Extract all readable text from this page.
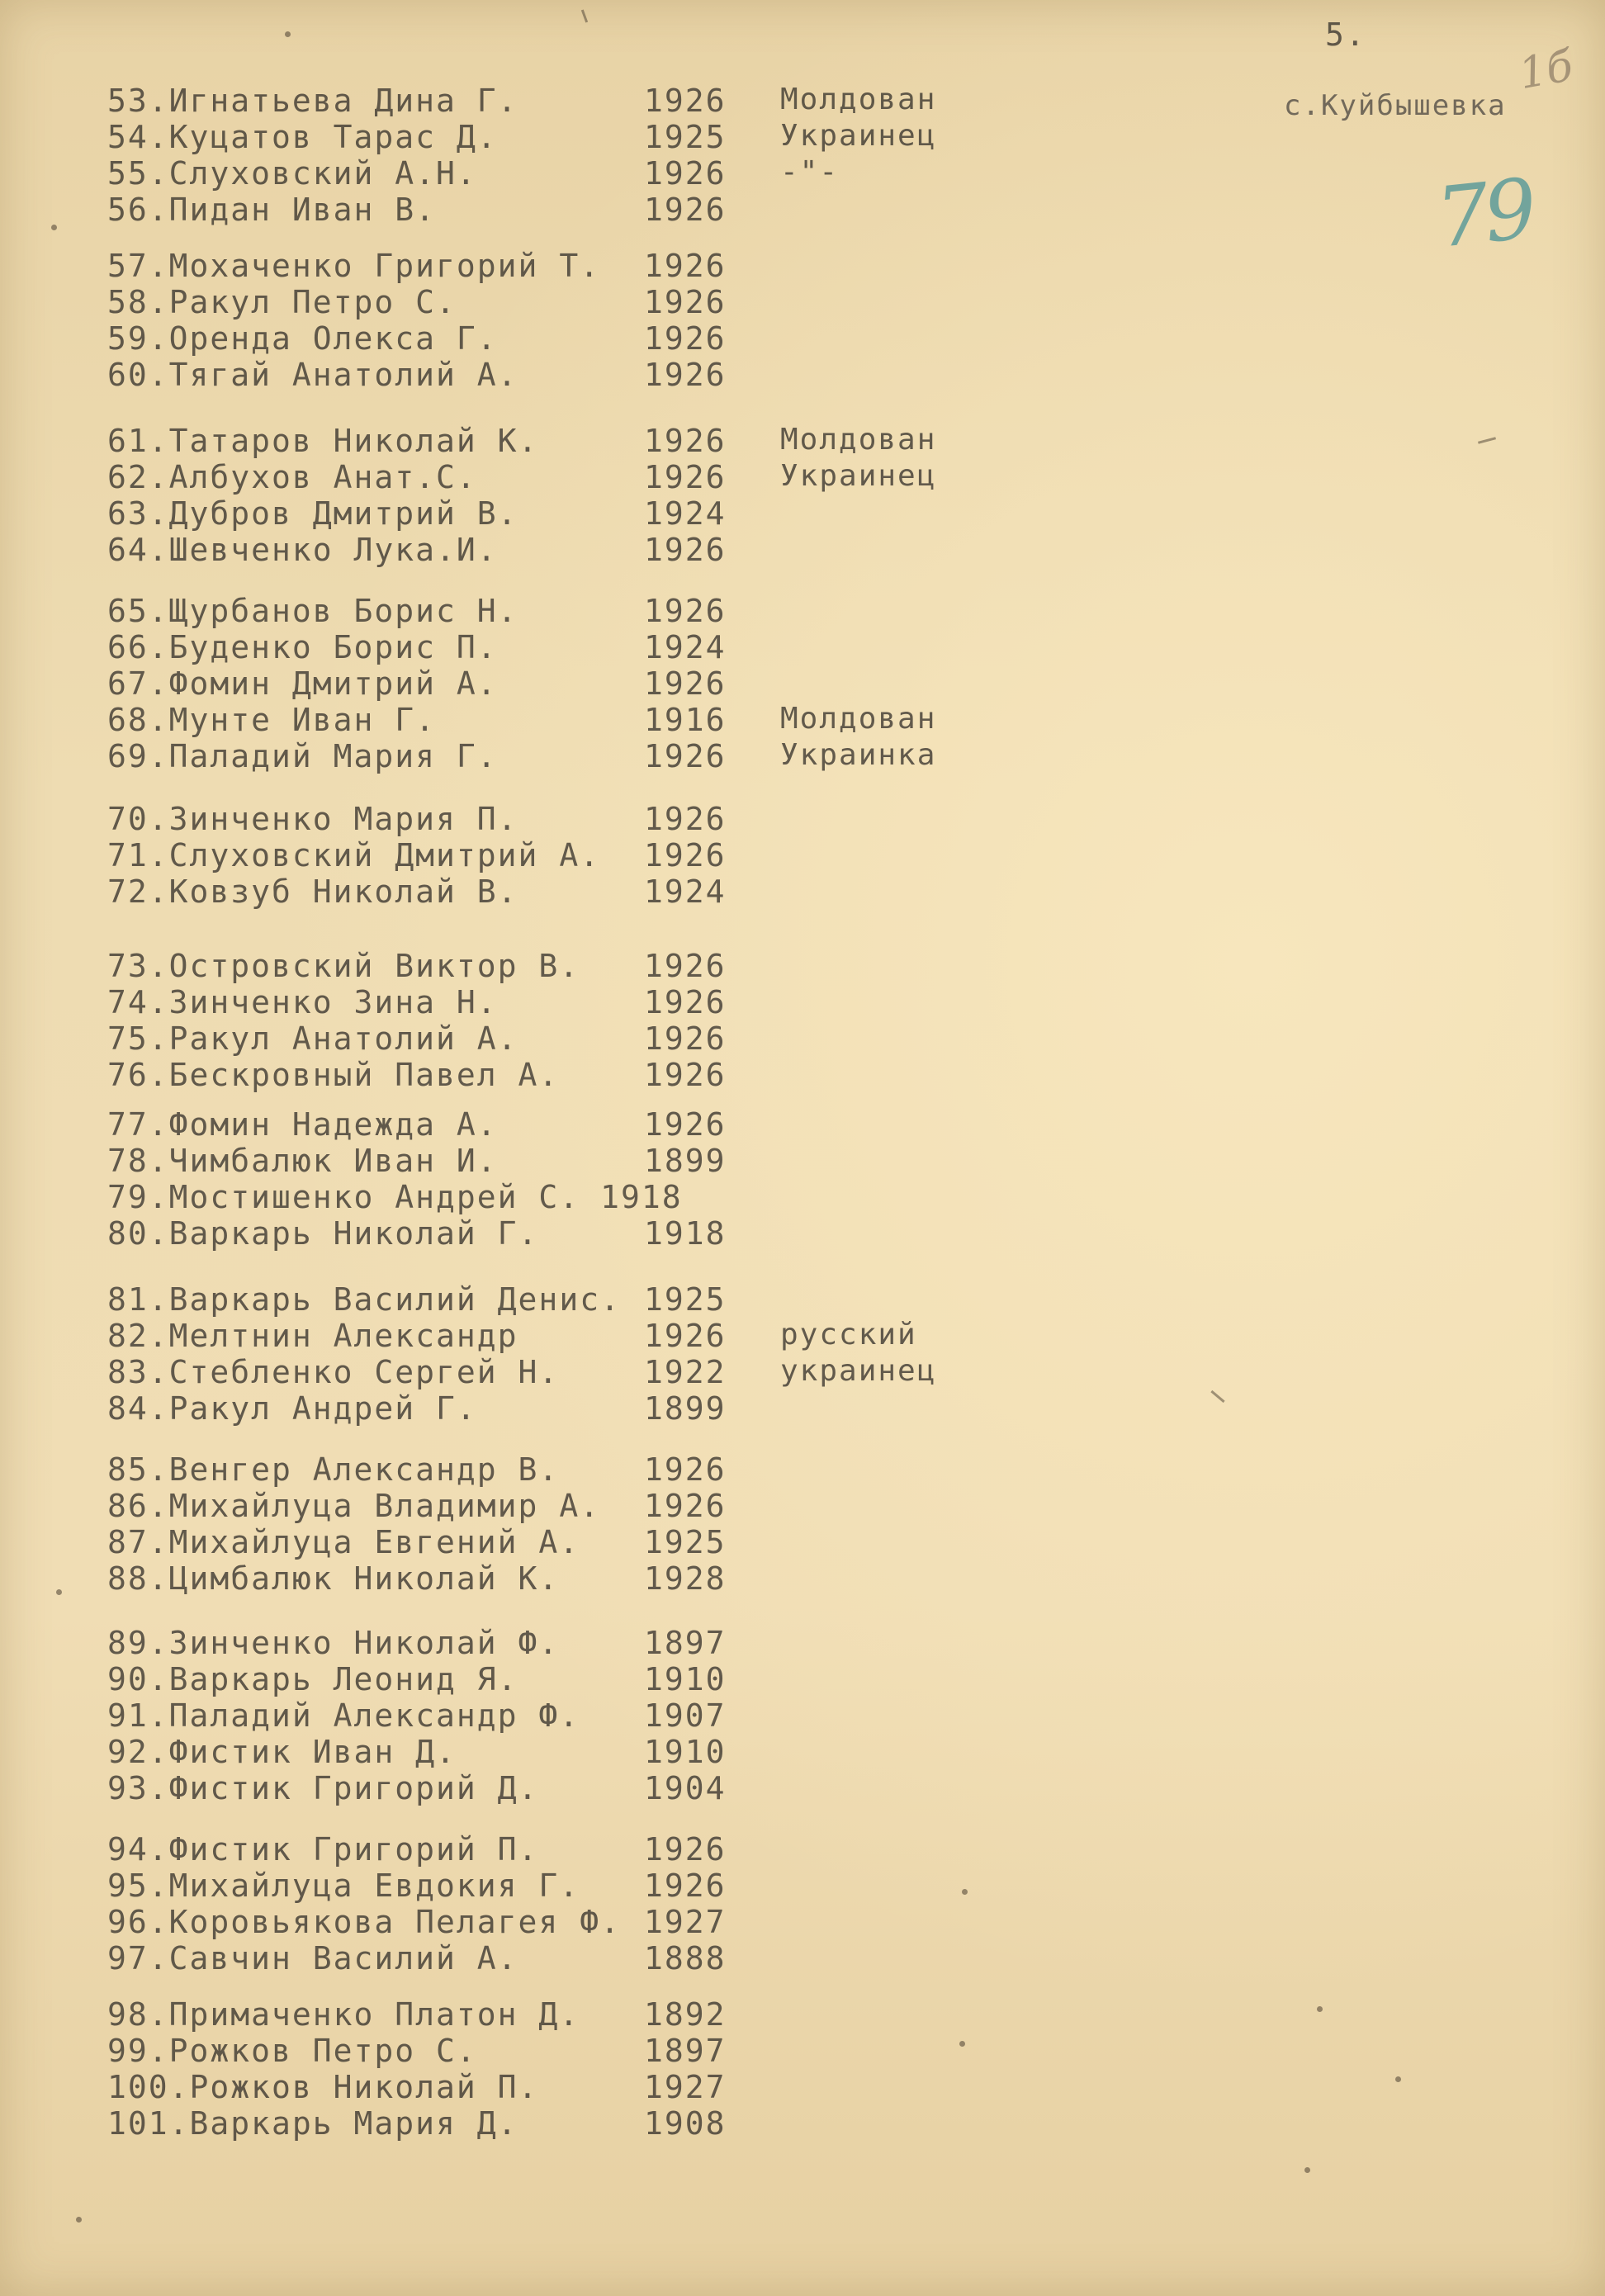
5.
1б
79
с.Куйбышевка
53.Игнатьева Дина Г.	1926 Молдован
54.Куцатов Тарас Д.	1925 Украинец
55.Слуховский А.Н.	1926 -"-
56.Пидан Иван В.	1926
57.Мохаченко Григорий Т. 1926
58.Ракул Петро С.	1926
59.Оренда Олекса Г.	1926
60.Тягай Анатолий А.	1926
61.Татаров Николай К.	1926 Молдован
62.Албухов Анат.С.	1926 Украинец
63.Дубров Дмитрий В.	1924
64.Шевченко Лука.И.	1926
65.Щурбанов Борис Н.	1926
66.Буденко Борис П.	1924
67.Фомин Дмитрий А.	1926
68.Мунте Иван Г.	1916 Молдован
69.Паладий Мария Г.	1926 Украинка
70.Зинченко Мария П.	1926
71.Слуховский Дмитрий А. 1926
72.Ковзуб Николай В.	1924
73.Островский Виктор В. 1926
74.Зинченко Зина Н.	1926
75.Ракул Анатолий А.	1926
76.Бескровный Павел А.	1926
77.Фомин Надежда А.	1926
78.Чимбалюк Иван И.	1899
79.Мостишенко Андрей С. 1918
80.Варкарь Николай Г.	1918
81.Варкарь Василий Денис. 1925
82.Мелтнин Александр	1926 русский
83.Стебленко Сергей Н.	1922 украинец
84.Ракул Андрей Г.	1899
85.Венгер Александр В.	1926
86.Михайлуца Владимир А. 1926
87.Михайлуца Евгений А. 1925
88.Цимбалюк Николай К.	1928
89.Зинченко Николай Ф.	1897
90.Варкарь Леонид Я.	1910
91.Паладий Александр Ф. 1907
92.Фистик Иван Д.	1910
93.Фистик Григорий Д.	1904
94.Фистик Григорий П.	1926
95.Михайлуца Евдокия Г. 1926
96.Коровьякова Пелагея Ф. 1927
97.Савчин Василий А.	1888
98.Примаченко Платон Д. 1892
99.Рожков Петро С.	1897
100.Рожков Николай П.	1927
101.Варкарь Мария Д.	1908
